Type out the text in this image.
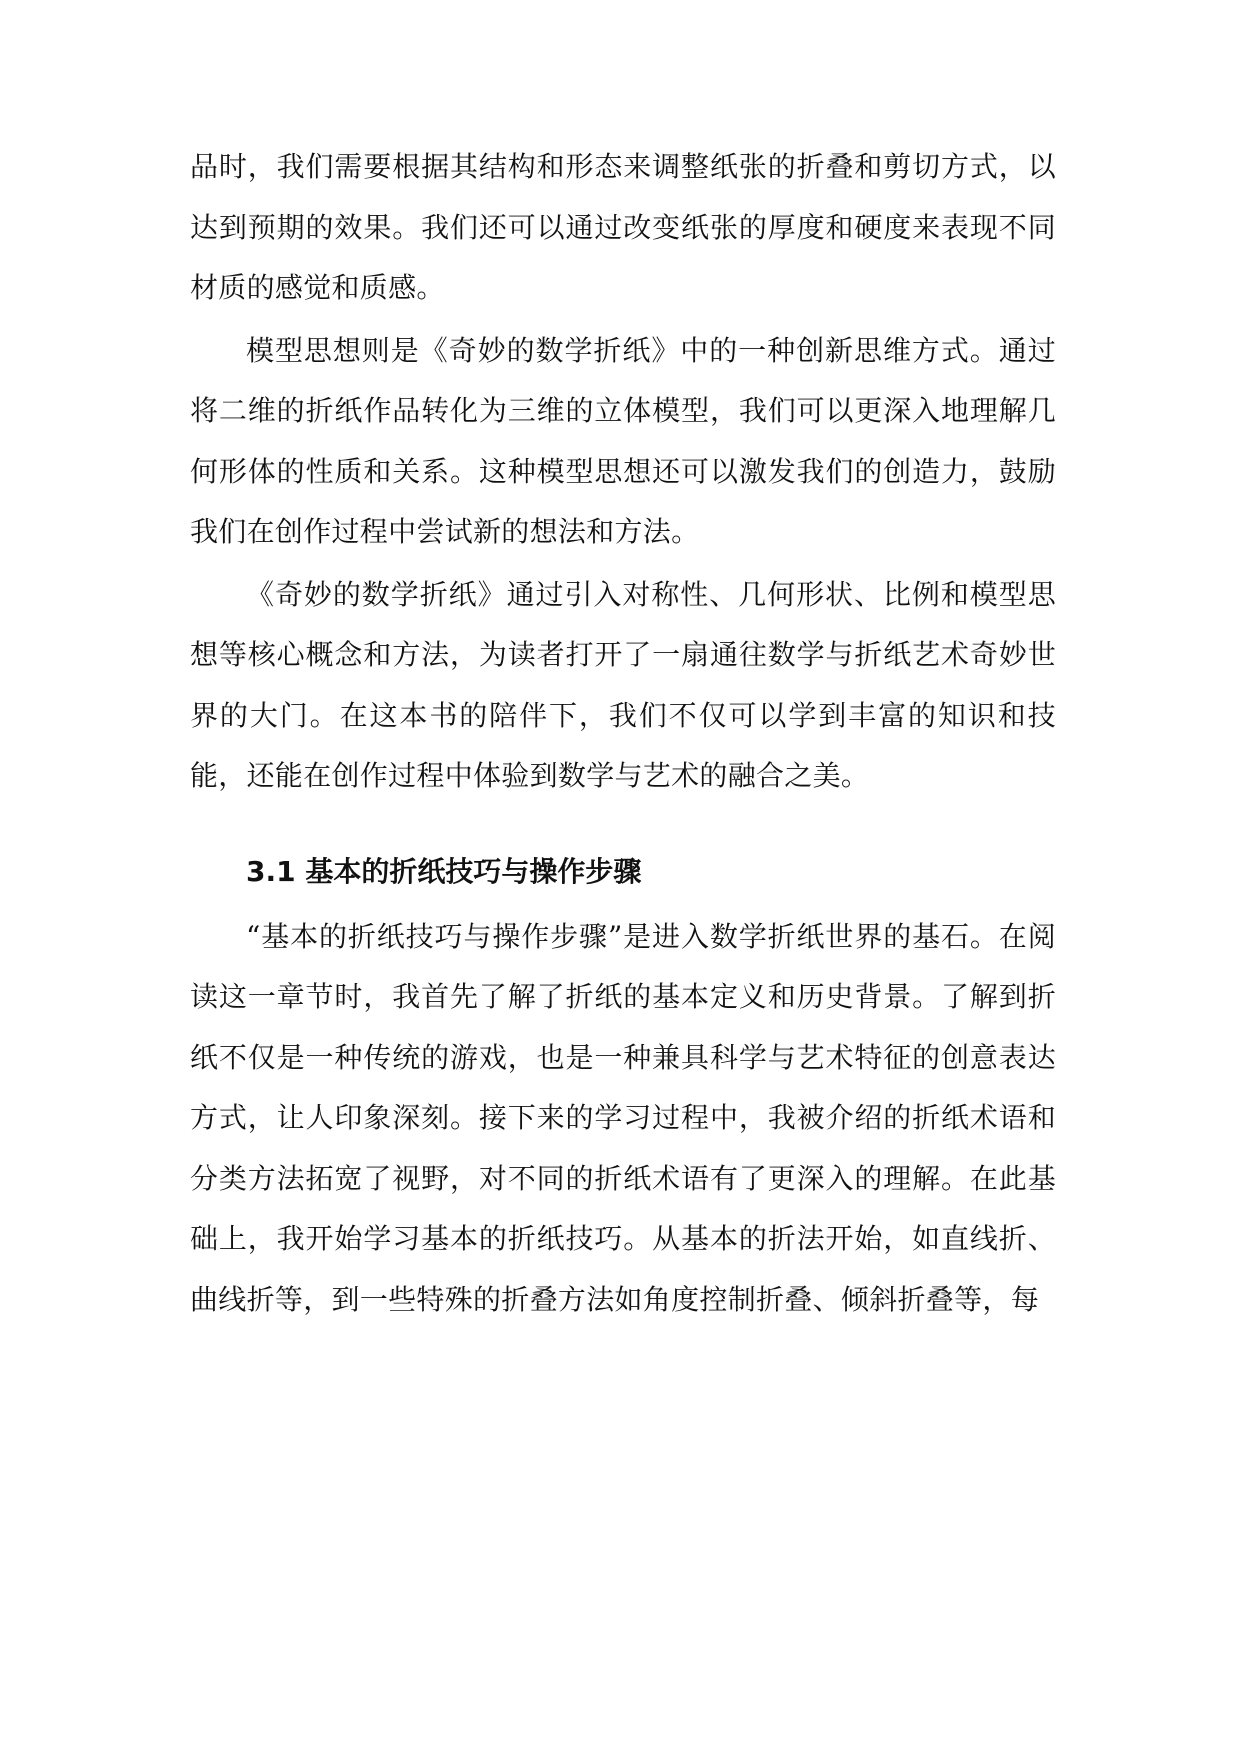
品时，我们需要根据其结构和形态来调整纸张的折叠和剪切方式，以达到预期的效果。我们还可以通过改变纸张的厚度和硬度来表现不同材质的感觉和质感。

模型思想则是《奇妙的数学折纸》中的一种创新思维方式。通过将二维的折纸作品转化为三维的立体模型，我们可以更深入地理解几何形体的性质和关系。这种模型思想还可以激发我们的创造力，鼓励我们在创作过程中尝试新的想法和方法。

《奇妙的数学折纸》通过引入对称性、几何形状、比例和模型思想等核心概念和方法，为读者打开了一扇通往数学与折纸艺术奇妙世界的大门。在这本书的陪伴下，我们不仅可以学到丰富的知识和技能，还能在创作过程中体验到数学与艺术的融合之美。

3.1 基本的折纸技巧与操作步骤

“基本的折纸技巧与操作步骤”是进入数学折纸世界的基石。在阅读这一章节时，我首先了解了折纸的基本定义和历史背景。了解到折纸不仅是一种传统的游戏，也是一种兼具科学与艺术特征的创意表达方式，让人印象深刻。接下来的学习过程中，我被介绍的折纸术语和分类方法拓宽了视野，对不同的折纸术语有了更深入的理解。在此基础上，我开始学习基本的折纸技巧。从基本的折法开始，如直线折、曲线折等，到一些特殊的折叠方法如角度控制折叠、倾斜折叠等，每
